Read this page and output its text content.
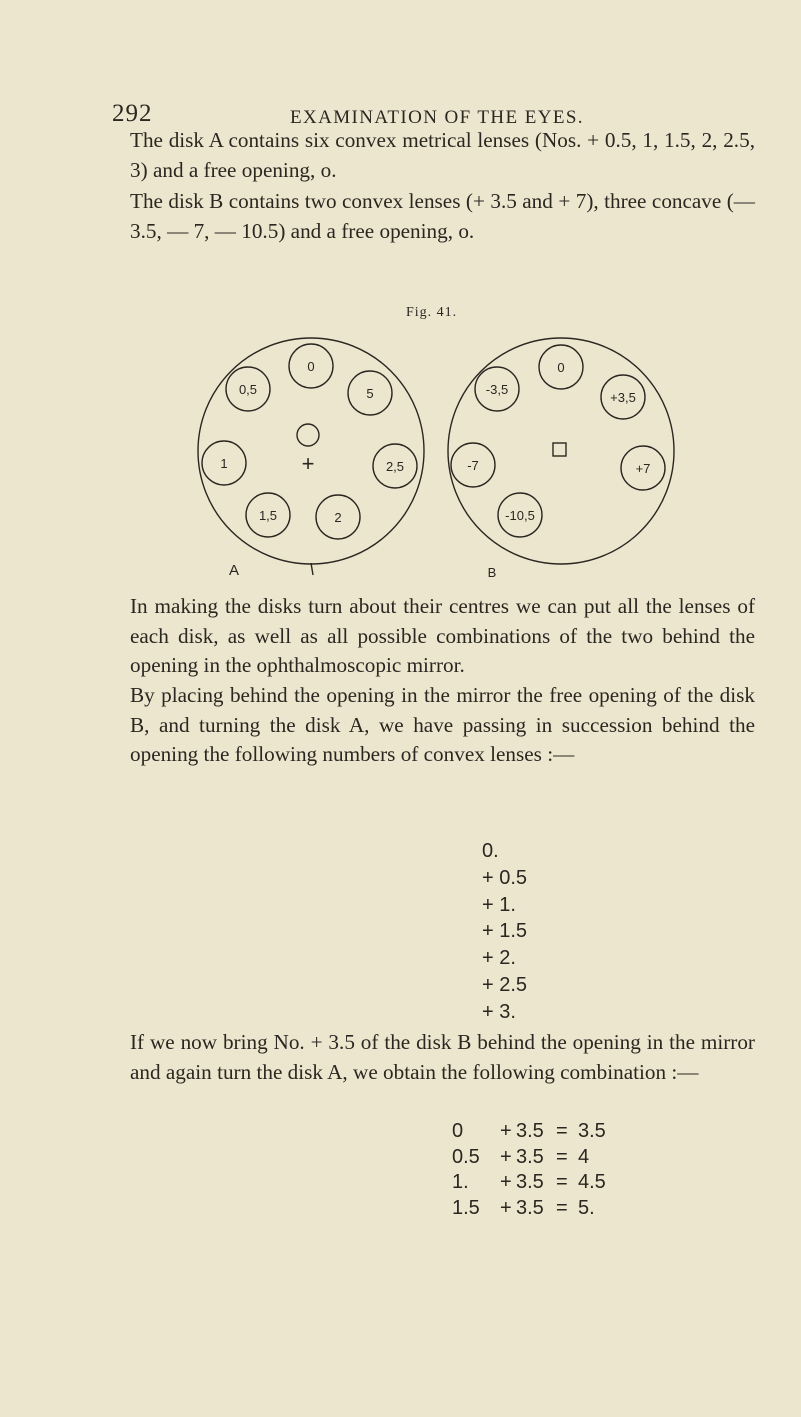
292	EXAMINATION OF THE EYES.

The disk A contains six convex metrical lenses (Nos. + 0.5, 1, 1.5, 2, 2.5, 3) and a free opening, o.

The disk B contains two convex lenses (+ 3.5 and + 7), three concave (— 3.5, — 7, — 10.5) and a free opening, o.

Fig. 41.
0
0,5	5
1	2,5
1,5	2
+
A
0
-3,5
+3,5
-7	+7
-10,5
B

In making the disks turn about their centres we can put all the lenses of each disk, as well as all possible combinations of the two behind the opening in the ophthalmoscopic mirror.

By placing behind the opening in the mirror the free opening of the disk B, and turning the disk A, we have passing in succession behind the opening the following numbers of convex lenses :—

0.
+ 0.5
+ 1.
+ 1.5
+ 2.
+ 2.5
+ 3.

If we now bring No. + 3.5 of the disk B behind the opening in the mirror and again turn the disk A, we obtain the following combination :—

0	+ 3.5 = 3.5
0.5	+ 3.5 = 4
1.	+ 3.5 = 4.5
1.5	+ 3.5 = 5.
